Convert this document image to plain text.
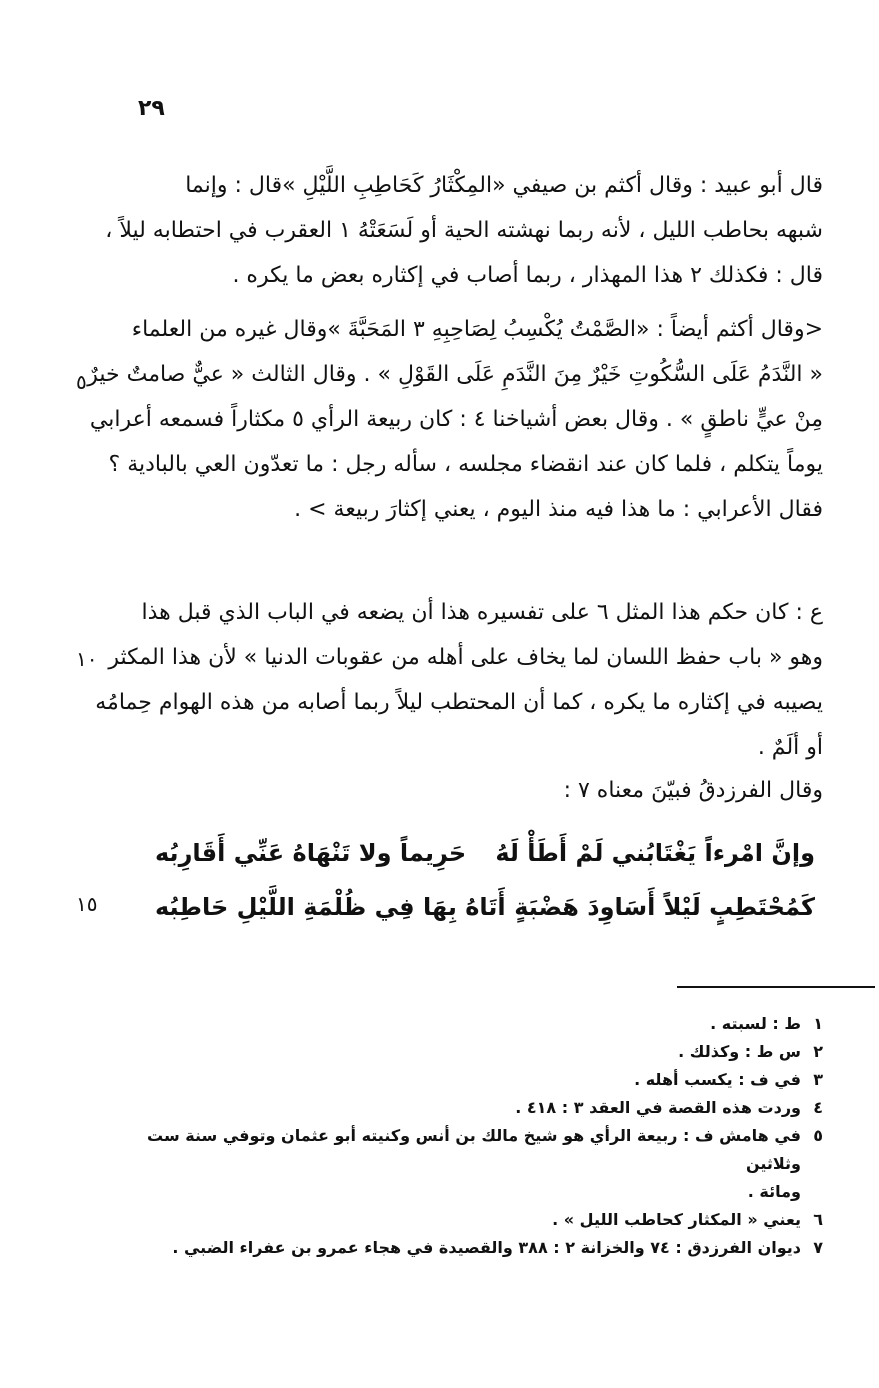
٢٩
قال أبو عبيد : وقال أكثم بن صيفي «المِكْثَارُ كَحَاطِبِ اللَّيْلِ »قال : وإنما
شبهه بحاطب الليل ، لأنه ربما نهشته الحية أو لَسَعَتْهُ ١ العقرب في احتطابه ليلاً ،
قال : فكذلك ٢ هذا المهذار ، ربما أصاب في إكثاره بعض ما يكره .
<وقال أكثم أيضاً : «الصَّمْتُ يُكْسِبُ لِصَاحِبِهِ ٣ المَحَبَّةَ »وقال غيره من العلماء
« النَّدَمُ عَلَى السُّكُوتِ خَيْرٌ مِنَ النَّدَمِ عَلَى القَوْلِ » . وقال الثالث « عيٌّ صامتٌ خيرٌ
مِنْ عيٍّ ناطقٍ » . وقال بعض أشياخنا ٤ : كان ربيعة الرأي ٥ مكثاراً فسمعه أعرابي
يوماً يتكلم ، فلما كان عند انقضاء مجلسه ، سأله رجل : ما تعدّون العي بالبادية ؟
فقال الأعرابي : ما هذا فيه منذ اليوم ، يعني إكثارَ ربيعة > .
ع : كان حكم هذا المثل ٦ على تفسيره هذا أن يضعه في الباب الذي قبل هذا
وهو « باب حفظ اللسان لما يخاف على أهله من عقوبات الدنيا » لأن هذا المكثر
يصيبه في إكثاره ما يكره ، كما أن المحتطب ليلاً ربما أصابه من هذه الهوام حِمامُه
أو ألَمٌ .
وقال الفرزدقُ فبيّنَ معناه ٧ :
وإنَّ امْرءاً يَغْتَابُني لَمْ أَطَأْ لَهُ
حَرِيماً ولا تَنْهَاهُ عَنِّي أَقَارِبُه
كَمُحْتَطِبٍ لَيْلاً أَسَاوِدَ هَضْبَةٍ
أَتَاهُ بِهَا فِي ظُلْمَةِ اللَّيْلِ حَاطِبُه
٥
١٠
١٥
١
ط : لسبته .
٢
س ط : وكذلك .
٣
في ف : يكسب أهله .
٤
وردت هذه القصة في العقد ٣ : ٤١٨ .
٥
في هامش ف : ربيعة الرأي هو شيخ مالك بن أنس وكنيته أبو عثمان وتوفي سنة ست وثلاثين
ومائة .
٦
يعني « المكثار كحاطب الليل » .
٧
ديوان الفرزدق : ٧٤ والخزانة ٢ : ٣٨٨ والقصيدة في هجاء عمرو بن عفراء الضبي .
